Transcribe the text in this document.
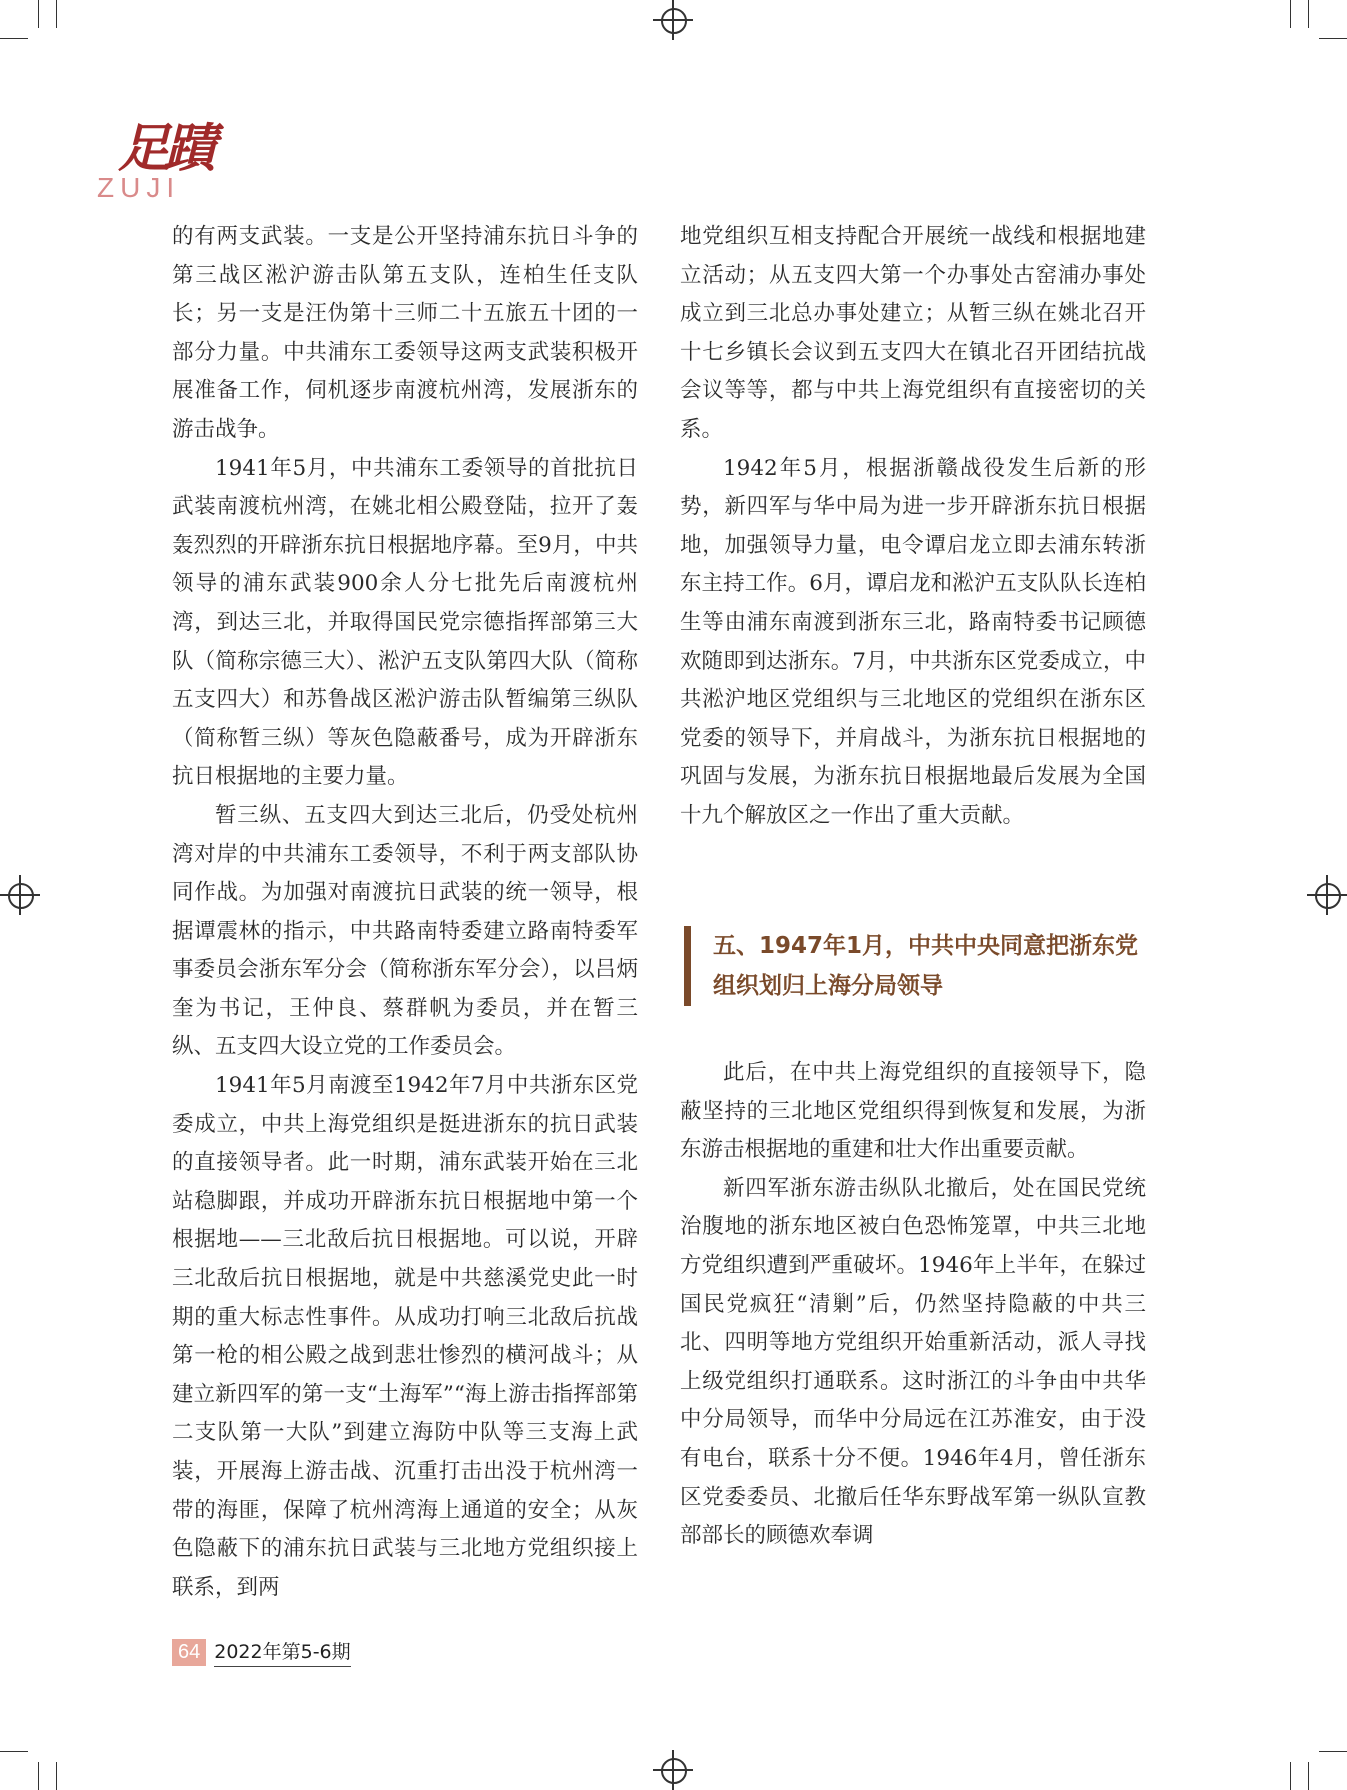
足蹟
ZUJI

的有两支武装。一支是公开坚持浦东抗日斗争的第三战区淞沪游击队第五支队，连柏生任支队长；另一支是汪伪第十三师二十五旅五十团的一部分力量。中共浦东工委领导这两支武装积极开展准备工作，伺机逐步南渡杭州湾，发展浙东的游击战争。

1941年5月，中共浦东工委领导的首批抗日武装南渡杭州湾，在姚北相公殿登陆，拉开了轰轰烈烈的开辟浙东抗日根据地序幕。至9月，中共领导的浦东武装900余人分七批先后南渡杭州湾，到达三北，并取得国民党宗德指挥部第三大队（简称宗德三大）、淞沪五支队第四大队（简称五支四大）和苏鲁战区淞沪游击队暂编第三纵队（简称暂三纵）等灰色隐蔽番号，成为开辟浙东抗日根据地的主要力量。

暂三纵、五支四大到达三北后，仍受处杭州湾对岸的中共浦东工委领导，不利于两支部队协同作战。为加强对南渡抗日武装的统一领导，根据谭震林的指示，中共路南特委建立路南特委军事委员会浙东军分会（简称浙东军分会），以吕炳奎为书记，王仲良、蔡群帆为委员，并在暂三纵、五支四大设立党的工作委员会。

1941年5月南渡至1942年7月中共浙东区党委成立，中共上海党组织是挺进浙东的抗日武装的直接领导者。此一时期，浦东武装开始在三北站稳脚跟，并成功开辟浙东抗日根据地中第一个根据地——三北敌后抗日根据地。可以说，开辟三北敌后抗日根据地，就是中共慈溪党史此一时期的重大标志性事件。从成功打响三北敌后抗战第一枪的相公殿之战到悲壮惨烈的横河战斗；从建立新四军的第一支“土海军”“海上游击指挥部第二支队第一大队”到建立海防中队等三支海上武装，开展海上游击战、沉重打击出没于杭州湾一带的海匪，保障了杭州湾海上通道的安全；从灰色隐蔽下的浦东抗日武装与三北地方党组织接上联系，到两

地党组织互相支持配合开展统一战线和根据地建立活动；从五支四大第一个办事处古窑浦办事处成立到三北总办事处建立；从暂三纵在姚北召开十七乡镇长会议到五支四大在镇北召开团结抗战会议等等，都与中共上海党组织有直接密切的关系。

1942年5月，根据浙赣战役发生后新的形势，新四军与华中局为进一步开辟浙东抗日根据地，加强领导力量，电令谭启龙立即去浦东转浙东主持工作。6月，谭启龙和淞沪五支队队长连柏生等由浦东南渡到浙东三北，路南特委书记顾德欢随即到达浙东。7月，中共浙东区党委成立，中共淞沪地区党组织与三北地区的党组织在浙东区党委的领导下，并肩战斗，为浙东抗日根据地的巩固与发展，为浙东抗日根据地最后发展为全国十九个解放区之一作出了重大贡献。

五、1947年1月，中共中央同意把浙东党
组织划归上海分局领导

此后，在中共上海党组织的直接领导下，隐蔽坚持的三北地区党组织得到恢复和发展，为浙东游击根据地的重建和壮大作出重要贡献。

新四军浙东游击纵队北撤后，处在国民党统治腹地的浙东地区被白色恐怖笼罩，中共三北地方党组织遭到严重破坏。1946年上半年，在躲过国民党疯狂“清剿”后，仍然坚持隐蔽的中共三北、四明等地方党组织开始重新活动，派人寻找上级党组织打通联系。这时浙江的斗争由中共华中分局领导，而华中分局远在江苏淮安，由于没有电台，联系十分不便。1946年4月，曾任浙东区党委委员、北撤后任华东野战军第一纵队宣教部部长的顾德欢奉调

64 2022年第5-6期
